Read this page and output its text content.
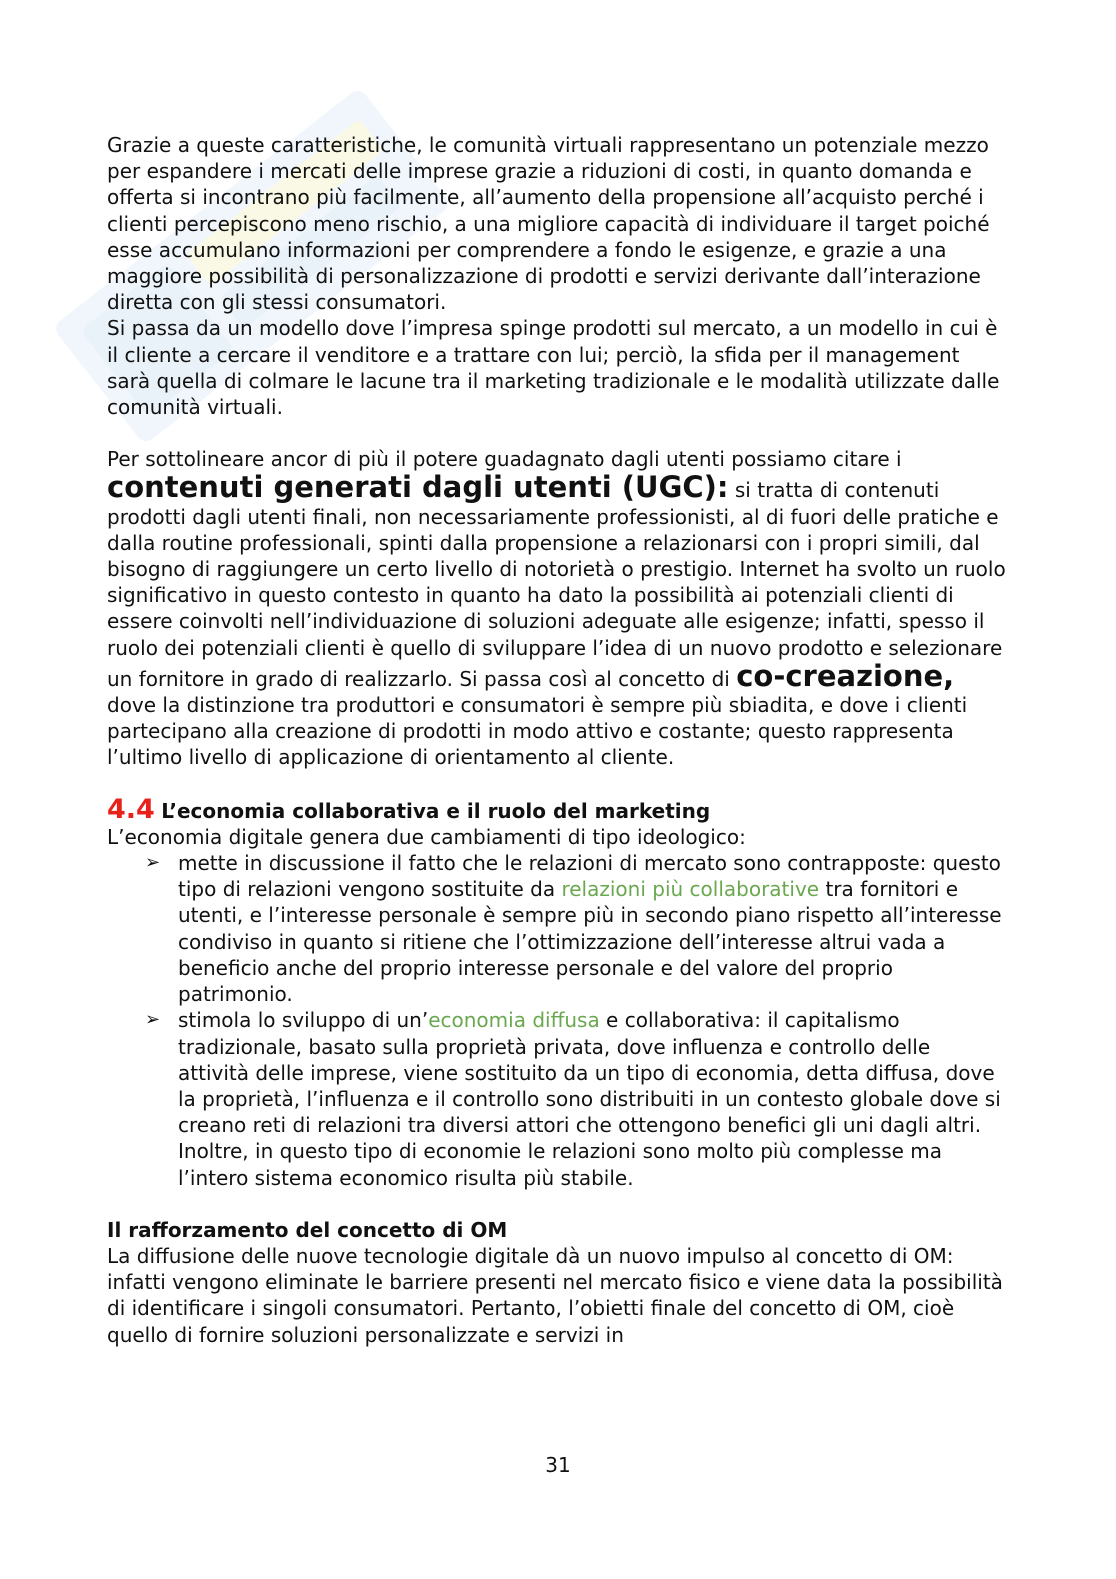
Grazie a queste caratteristiche, le comunità virtuali rappresentano un potenziale mezzo per espandere i mercati delle imprese grazie a riduzioni di costi, in quanto domanda e offerta si incontrano più facilmente, all’aumento della propensione all’acquisto perché i clienti percepiscono meno rischio, a una migliore capacità di individuare il target poiché esse accumulano informazioni per comprendere a fondo le esigenze, e grazie a una maggiore possibilità di personalizzazione di prodotti e servizi derivante dall’interazione diretta con gli stessi consumatori.

Si passa da un modello dove l’impresa spinge prodotti sul mercato, a un modello in cui è il cliente a cercare il venditore e a trattare con lui; perciò, la sfida per il management sarà quella di colmare le lacune tra il marketing tradizionale e le modalità utilizzate dalle comunità virtuali.

Per sottolineare ancor di più il potere guadagnato dagli utenti possiamo citare i contenuti generati dagli utenti (UGC): si tratta di contenuti prodotti dagli utenti finali, non necessariamente professionisti, al di fuori delle pratiche e dalla routine professionali, spinti dalla propensione a relazionarsi con i propri simili, dal bisogno di raggiungere un certo livello di notorietà o prestigio. Internet ha svolto un ruolo significativo in questo contesto in quanto ha dato la possibilità ai potenziali clienti di essere coinvolti nell’individuazione di soluzioni adeguate alle esigenze; infatti, spesso il ruolo dei potenziali clienti è quello di sviluppare l’idea di un nuovo prodotto e selezionare un fornitore in grado di realizzarlo. Si passa così al concetto di co-creazione, dove la distinzione tra produttori e consumatori è sempre più sbiadita, e dove i clienti partecipano alla creazione di prodotti in modo attivo e costante; questo rappresenta l’ultimo livello di applicazione di orientamento al cliente.

4.4 L’economia collaborativa e il ruolo del marketing

L’economia digitale genera due cambiamenti di tipo ideologico:

➢ mette in discussione il fatto che le relazioni di mercato sono contrapposte: questo tipo di relazioni vengono sostituite da relazioni più collaborative tra fornitori e utenti, e l’interesse personale è sempre più in secondo piano rispetto all’interesse condiviso in quanto si ritiene che l’ottimizzazione dell’interesse altrui vada a beneficio anche del proprio interesse personale e del valore del proprio patrimonio.
➢ stimola lo sviluppo di un’economia diffusa e collaborativa: il capitalismo tradizionale, basato sulla proprietà privata, dove influenza e controllo delle attività delle imprese, viene sostituito da un tipo di economia, detta diffusa, dove la proprietà, l’influenza e il controllo sono distribuiti in un contesto globale dove si creano reti di relazioni tra diversi attori che ottengono benefici gli uni dagli altri. Inoltre, in questo tipo di economie le relazioni sono molto più complesse ma l’intero sistema economico risulta più stabile.

Il rafforzamento del concetto di OM

La diffusione delle nuove tecnologie digitale dà un nuovo impulso al concetto di OM: infatti vengono eliminate le barriere presenti nel mercato fisico e viene data la possibilità di identificare i singoli consumatori. Pertanto, l’obietti finale del concetto di OM, cioè quello di fornire soluzioni personalizzate e servizi in

31
